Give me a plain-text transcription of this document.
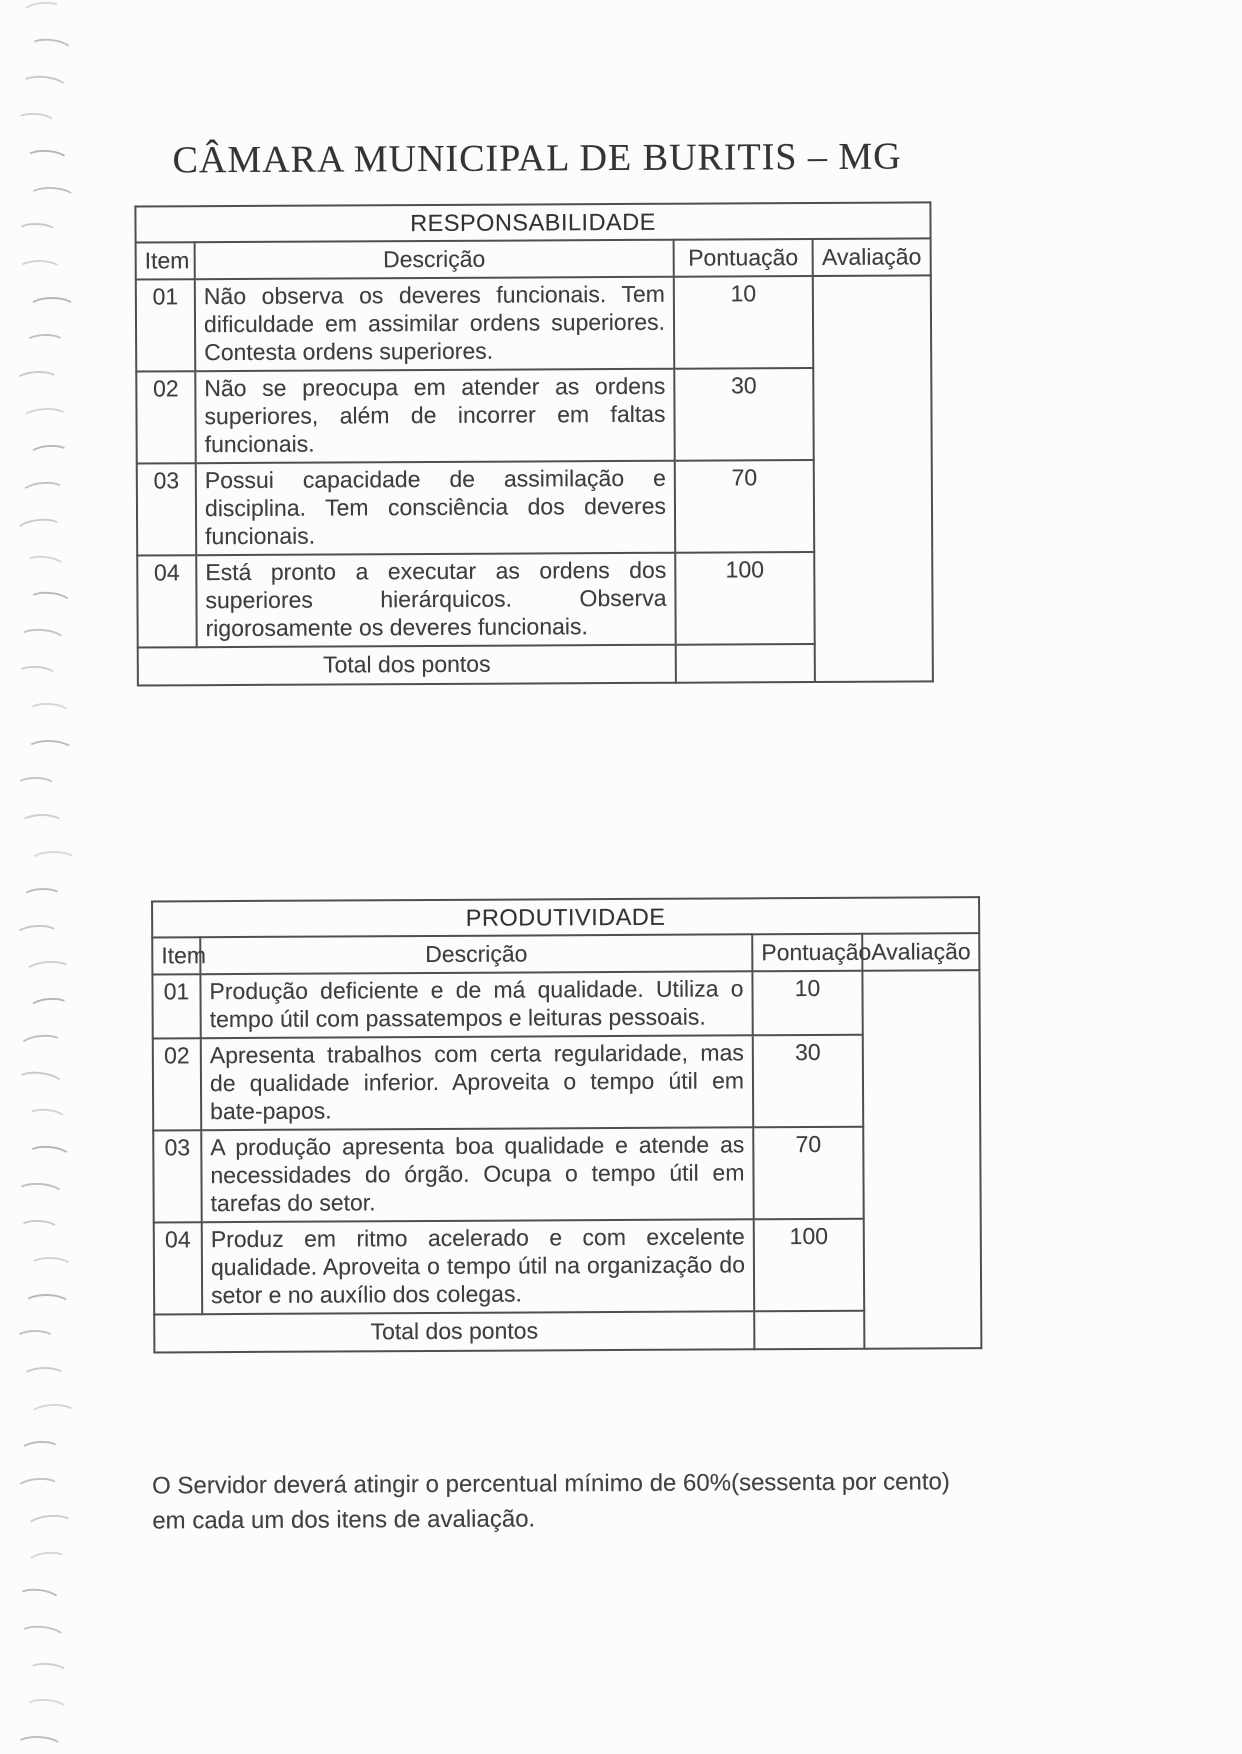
CÂMARA MUNICIPAL DE BURITIS – MG
RESPONSABILIDADE			
Item	Descrição	Pontuação	Avaliação
01	Não observa os deveres funcionais. Tem dificuldade em assimilar ordens superiores. Contesta ordens superiores.	10	
02	Não se preocupa em atender as ordens superiores, além de incorrer em faltas funcionais.	30	
03	Possui capacidade de assimilação e disciplina. Tem consciência dos deveres funcionais.	70	
04	Está pronto a executar as ordens dos superiores hierárquicos. Observa rigorosamente os deveres funcionais.	100	
Total dos pontos			
PRODUTIVIDADE			
Item	Descrição	Pontuação	Avaliação
01	Produção deficiente e de má qualidade. Utiliza o tempo útil com passatempos e leituras pessoais.	10	
02	Apresenta trabalhos com certa regularidade, mas de qualidade inferior. Aproveita o tempo útil em bate-papos.	30	
03	A produção apresenta boa qualidade e atende as necessidades do órgão. Ocupa o tempo útil em tarefas do setor.	70	
04	Produz em ritmo acelerado e com excelente qualidade. Aproveita o tempo útil na organização do setor e no auxílio dos colegas.	100	
Total dos pontos			
O Servidor deverá atingir o percentual mínimo de 60%(sessenta por cento) em cada um dos itens de avaliação.
